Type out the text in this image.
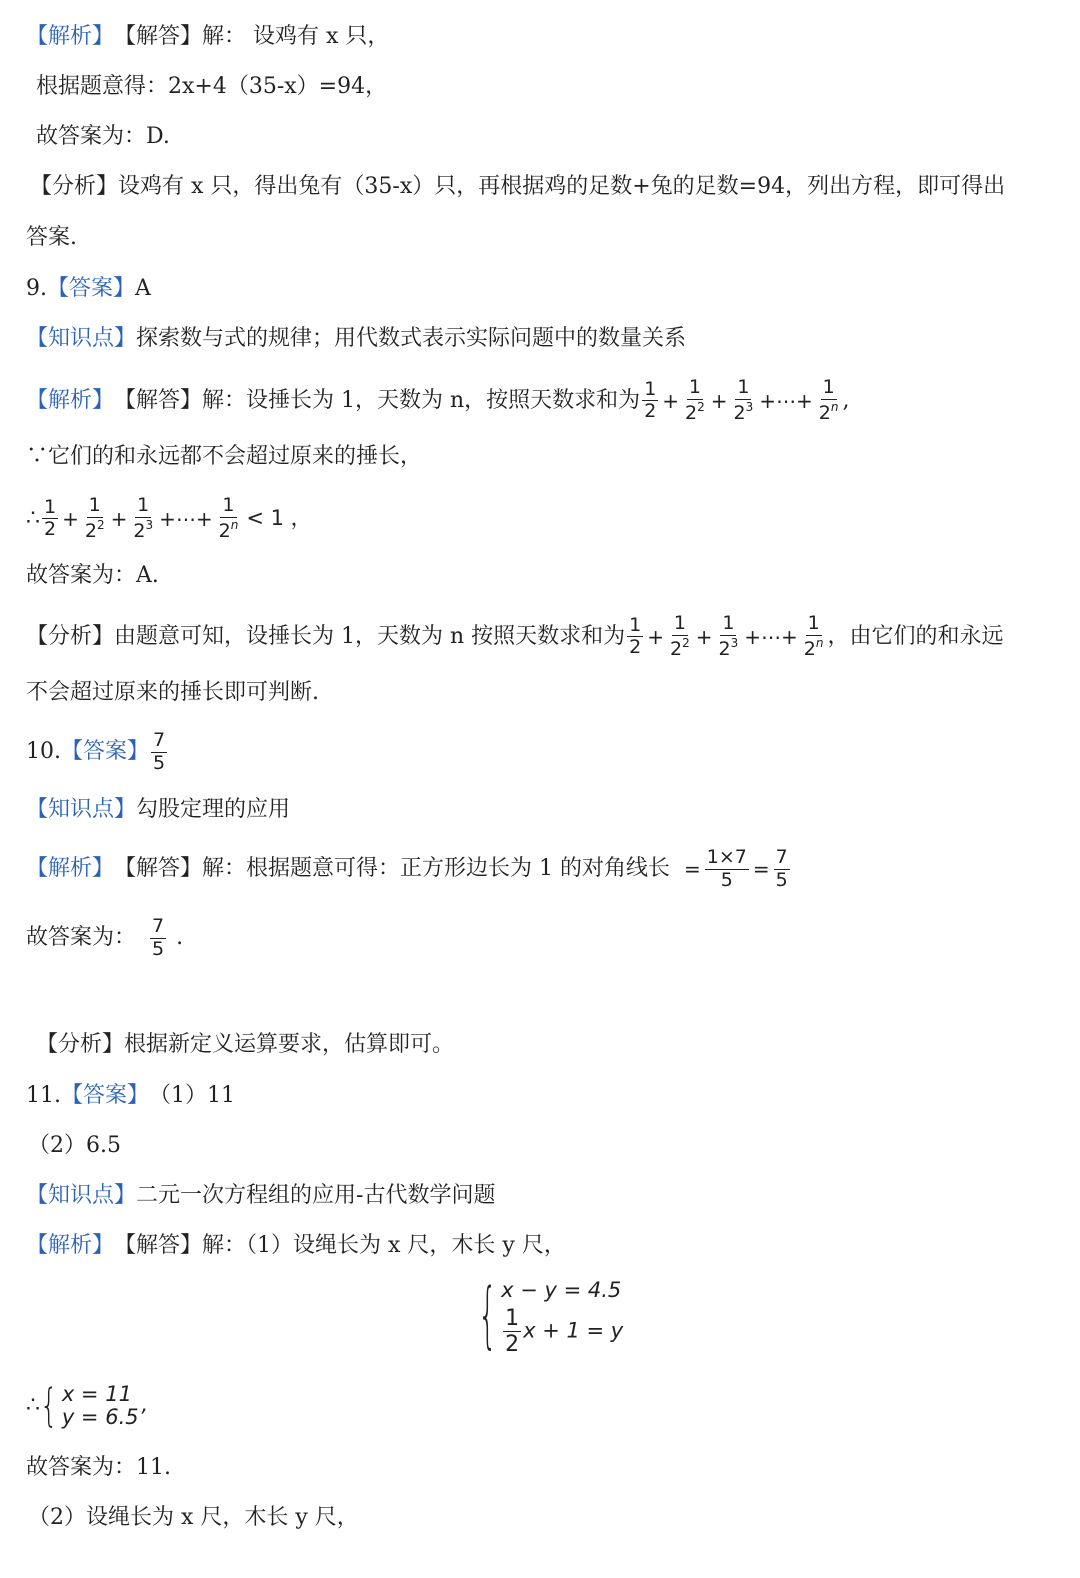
【解析】 【解答】 解： 设鸡有 x 只，
根据题意得：2x+4（35-x）=94，
故答案为：D.
【分析】 设鸡有 x 只，得出兔有（35-x）只，再根据鸡的足数+兔的足数=94，列出方程，即可得出
答案.
9. 【答案】 A
【知识点】 探索数与式的规律；用代数式表示实际问题中的数量关系
【解析】 【解答】 解：设捶长为 1，天数为 n，按照天数求和为 $\frac{1}{2} + \frac{1}{2^2} + \frac{1}{2^3}$ +⋯+ $\frac{1}{2^n}$ ,
∵它们的和永远都不会超过原来的捶长，
∴ $\frac{1}{2} + \frac{1}{2^2} + \frac{1}{2^3}$ +⋯+ $\frac{1}{2^n} < 1$ ，
故答案为：A.
【分析】 由题意可知，设捶长为 1，天数为 n 按照天数求和为 $\frac{1}{2} + \frac{1}{2^2} + \frac{1}{2^3}$ +⋯+ $\frac{1}{2^n}$ ，由它们的和永远
不会超过原来的捶长即可判断.
10. 【答案】 $\frac{7}{5}$
【知识点】 勾股定理的应用
【解析】 【解答】 解：根据题意可得：正方形边长为 1 的对角线长 = $\frac{1\times 7}{5} = \frac{7}{5}$
故答案为： $\frac{7}{5}$ .
【分析】 根据新定义运算要求，估算即可。
11. 【答案】 （1）11
（2）6.5
【知识点】 二元一次方程组的应用-古代数学问题
【解析】 【解答】 解：（1）设绳长为 x 尺，木长 y 尺，
{ x − y = 4.5
$\frac{1}{2}$ x + 1 = y
∴ { x = 11
y = 6.5’
故答案为：11.
（2）设绳长为 x 尺，木长 y 尺，
